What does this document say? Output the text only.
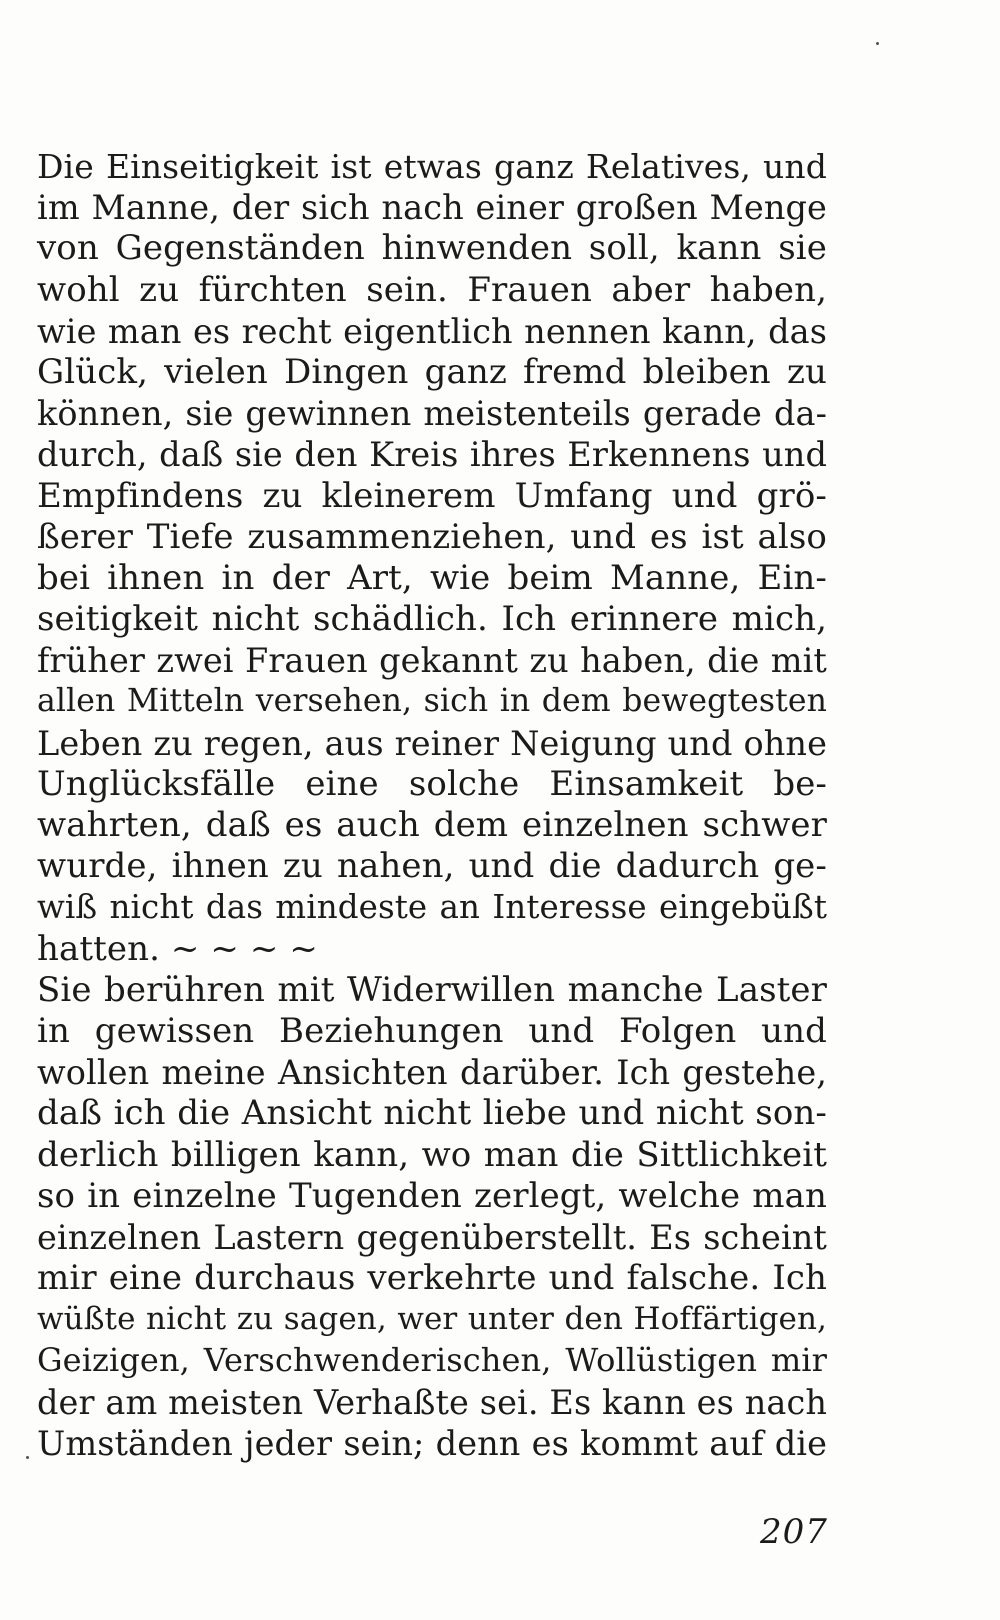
Die Einseitigkeit ist etwas ganz Relatives, und
im Manne, der sich nach einer großen Menge
von Gegenständen hinwenden soll, kann sie
wohl zu fürchten sein. Frauen aber haben,
wie man es recht eigentlich nennen kann, das
Glück, vielen Dingen ganz fremd bleiben zu
können, sie gewinnen meistenteils gerade da-
durch, daß sie den Kreis ihres Erkennens und
Empfindens zu kleinerem Umfang und grö-
ßerer Tiefe zusammenziehen, und es ist also
bei ihnen in der Art, wie beim Manne, Ein-
seitigkeit nicht schädlich. Ich erinnere mich,
früher zwei Frauen gekannt zu haben, die mit
allen Mitteln versehen, sich in dem bewegtesten
Leben zu regen, aus reiner Neigung und ohne
Unglücksfälle eine solche Einsamkeit be-
wahrten, daß es auch dem einzelnen schwer
wurde, ihnen zu nahen, und die dadurch ge-
wiß nicht das mindeste an Interesse eingebüßt
hatten. ~ ~ ~ ~
Sie berühren mit Widerwillen manche Laster
in gewissen Beziehungen und Folgen und
wollen meine Ansichten darüber. Ich gestehe,
daß ich die Ansicht nicht liebe und nicht son-
derlich billigen kann, wo man die Sittlichkeit
so in einzelne Tugenden zerlegt, welche man
einzelnen Lastern gegenüberstellt. Es scheint
mir eine durchaus verkehrte und falsche. Ich
wüßte nicht zu sagen, wer unter den Hoffärtigen,
Geizigen, Verschwenderischen, Wollüstigen mir
der am meisten Verhaßte sei. Es kann es nach
Umständen jeder sein; denn es kommt auf die
207
